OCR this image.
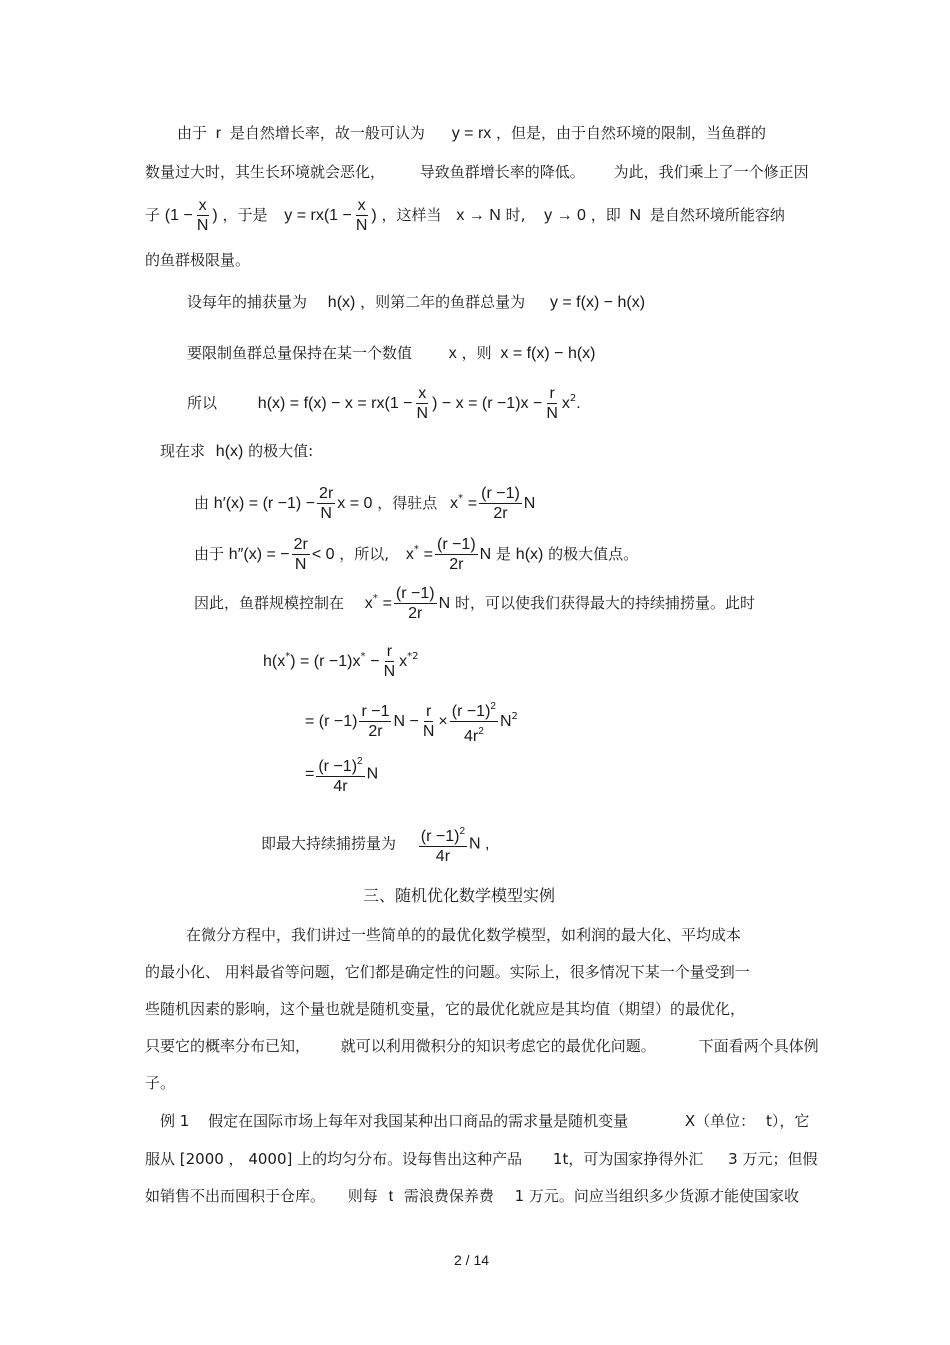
由于 r 是自然增长率，故一般可认为 y = rx ，但是，由于自然环境的限制，当鱼群的
数量过大时，其生长环境就会恶化， 导致鱼群增长率的降低。 为此，我们乘上了一个修正因
子 ($1 - \frac{x}{N}$ ) ，于是 $y = rx(1 - \frac{x}{N}$ ) ，这样当 x → N 时, y → 0 ，即 N 是自然环境所能容纳
的鱼群极限量。
设每年的捕获量为 h(x) ，则第二年的鱼群总量为 y = f(x) − h(x)
要限制鱼群总量保持在某一个数值 x ，则 x = f(x) − h(x)
所以	$h(x) = f(x) - x = rx(1 - \frac{x}{N}$ ) − $x = (r -1)x - \frac{r}{N} x^2$.
现在求 h(x) 的极大值:
由 $h'(x) = (r -1) - \frac{2r}{N}$ x = 0 ，得驻点 $x^* = \frac{(r -1)}{2r}$ N
由于 h″(x) = − $\frac{2r}{N} < 0$ ，所以, $x^* = \frac{(r -1)}{2r}$ N 是 h(x) 的极大值点。
因此，鱼群规模控制在 $x^* = \frac{(r -1)}{2r}$ N 时，可以使我们获得最大的持续捕捞量。此时
$h(x^*) = (r -1)x^* - \frac{r}{N} x^{*2}$
= $(r -1) \frac{r -1}{2r}$ $N - \frac{r}{N} \times \frac{(r -1)^2}{4r^2} N^2$
= $\frac{(r -1)^2}{4r}$ N
即最大持续捕捞量为 $\frac{(r -1)^2}{4r}$ N ,
三、随机优化数学模型实例
在微分方程中，我们讲过一些简单的的最优化数学模型，如利润的最大化、平均成本
的最小化、 用料最省等问题，它们都是确定性的问题。实际上，很多情况下某一个量受到一
些随机因素的影响，这个量也就是随机变量，它的最优化就应是其均值（期望）的最优化，
只要它的概率分布已知， 就可以利用微积分的知识考虑它的最优化问题。	下面看两个具体例
子。
例 1 假定在国际市场上每年对我国某种出口商品的需求量是随机变量	X（单位： t），它
服从 [2000 ， 4000] 上的均匀分布。设每售出这种产品 1t，可为国家挣得外汇 3 万元；但假
如销售不出而囤积于仓库。 则每 t 需浪费保养费 1 万元。问应当组织多少货源才能使国家收
2 / 14
